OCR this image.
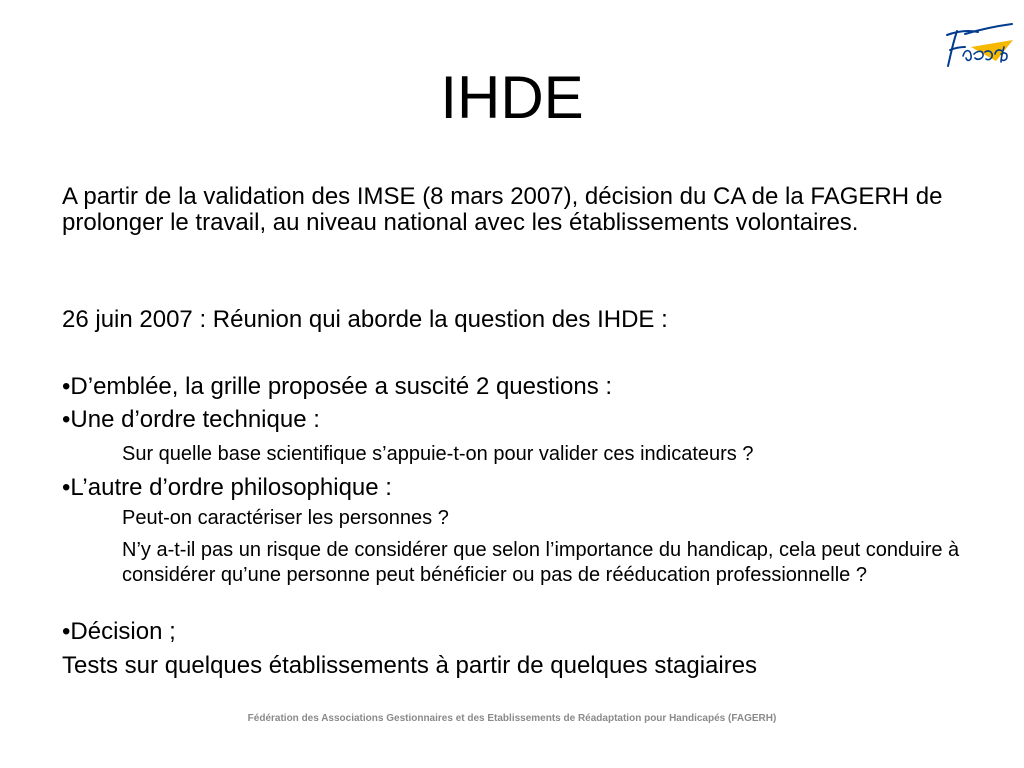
IHDE

A partir de la validation des IMSE (8 mars 2007), décision du CA de la FAGERH de prolonger le travail, au niveau national avec les établissements volontaires.

26 juin 2007 : Réunion qui aborde la question des IHDE :

•D’emblée, la grille proposée a suscité 2 questions :

•Une d’ordre technique :

Sur quelle base scientifique s’appuie-t-on pour valider ces indicateurs ?

•L’autre d’ordre philosophique :

Peut-on caractériser les personnes ?

N’y a-t-il pas un risque de considérer que selon l’importance du handicap, cela peut conduire à considérer qu’une personne peut bénéficier ou pas de rééducation professionnelle ?

•Décision ;

Tests sur quelques établissements à partir de quelques stagiaires

Fédération des Associations Gestionnaires et des Etablissements de Réadaptation pour Handicapés (FAGERH)
